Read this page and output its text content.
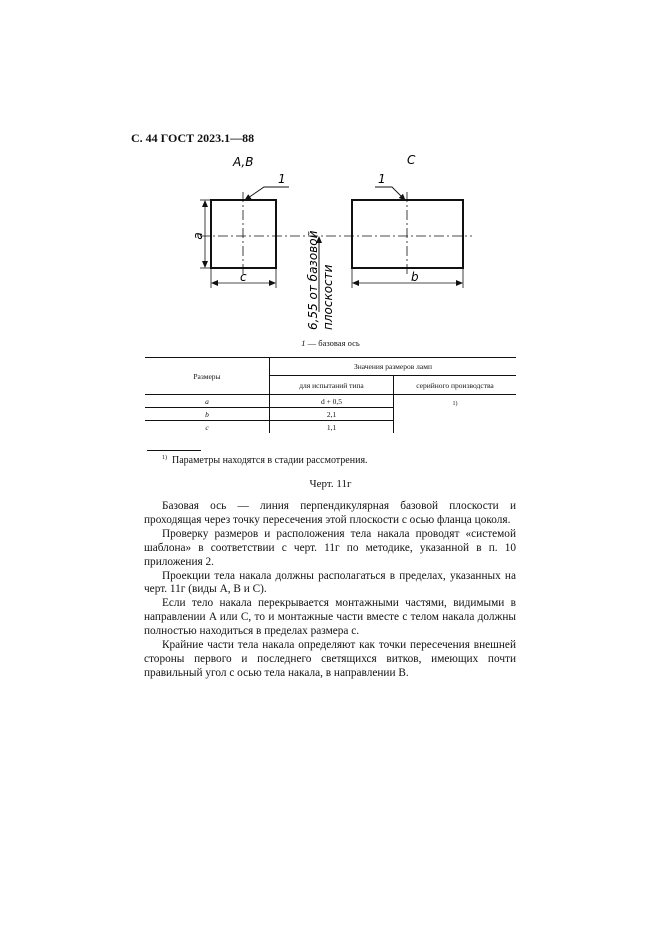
С. 44 ГОСТ 2023.1—88
A,B	C
1	1
a
c	b
6,55 от базовой плоскости
1 — базовая ось
Размеры	Значения размеров ламп	
	для испытаний типа	серийного производства
a	d + 0,5	1)
b	2,1	
c	1,1	
$^{1)}$ Параметры находятся в стадии рассмотрения.
Черт. 11г

Базовая ось — линия перпендикулярная базовой плоскости и проходящая через точку пересечения этой плоскости с осью фланца цоколя.

Проверку размеров и расположения тела накала проводят «системой шаблона» в соответствии с черт. 11г по методике, указанной в п. 10 приложения 2.

Проекции тела накала должны располагаться в пределах, указанных на черт. 11г (виды A, B и C).

Если тело накала перекрывается монтажными частями, видимыми в направлении A или C, то и монтажные части вместе с телом накала должны полностью находиться в пределах размера c.

Крайние части тела накала определяют как точки пересечения внешней стороны первого и последнего светящихся витков, имеющих почти правильный угол с осью тела накала, в направлении B.
